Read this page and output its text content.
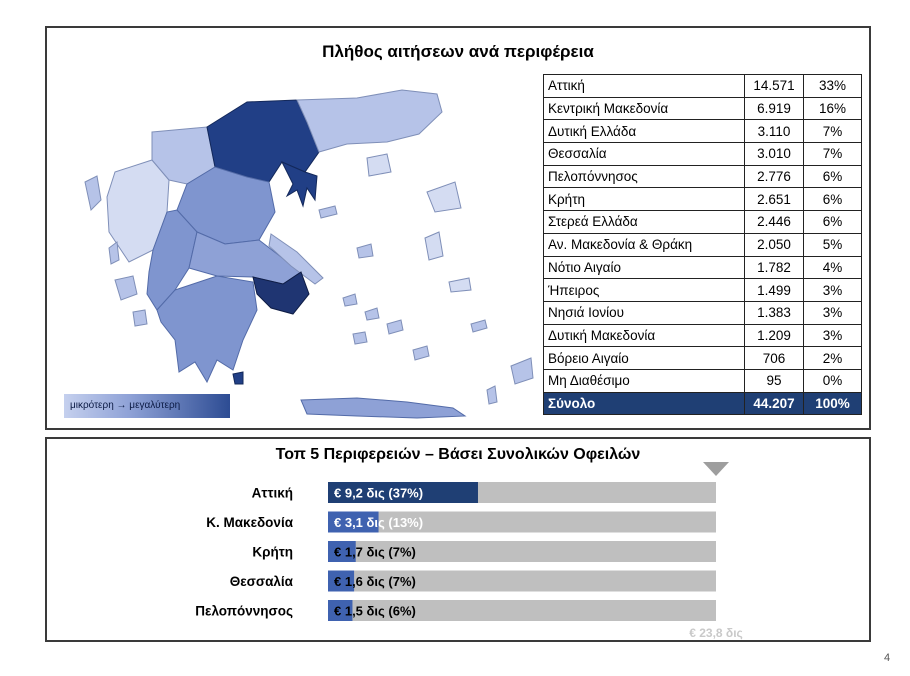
Πλήθος αιτήσεων ανά περιφέρεια
μικρότερη → μεγαλύτερη
Αττική	14.571	33%
Κεντρική Μακεδονία	6.919	16%
Δυτική Ελλάδα	3.110	7%
Θεσσαλία	3.010	7%
Πελοπόννησος	2.776	6%
Κρήτη	2.651	6%
Στερεά Ελλάδα	2.446	6%
Αν. Μακεδονία & Θράκη	2.050	5%
Νότιο Αιγαίο	1.782	4%
Ήπειρος	1.499	3%
Νησιά Ιονίου	1.383	3%
Δυτική Μακεδονία	1.209	3%
Βόρειο Αιγαίο	706	2%
Μη Διαθέσιμο	95	0%
Σύνολο	44.207	100%
Τοπ 5 Περιφερειών – Βάσει Συνολικών Οφειλών
Αττική	€ 9,2 δις (37%)
Κ. Μακεδονία	€ 3,1 δις (13%)
Κρήτη	€ 1,7 δις (7%)
Θεσσαλία	€ 1,6 δις (7%)
Πελοπόννησος	€ 1,5 δις (6%)
€ 23,8 δις
4
